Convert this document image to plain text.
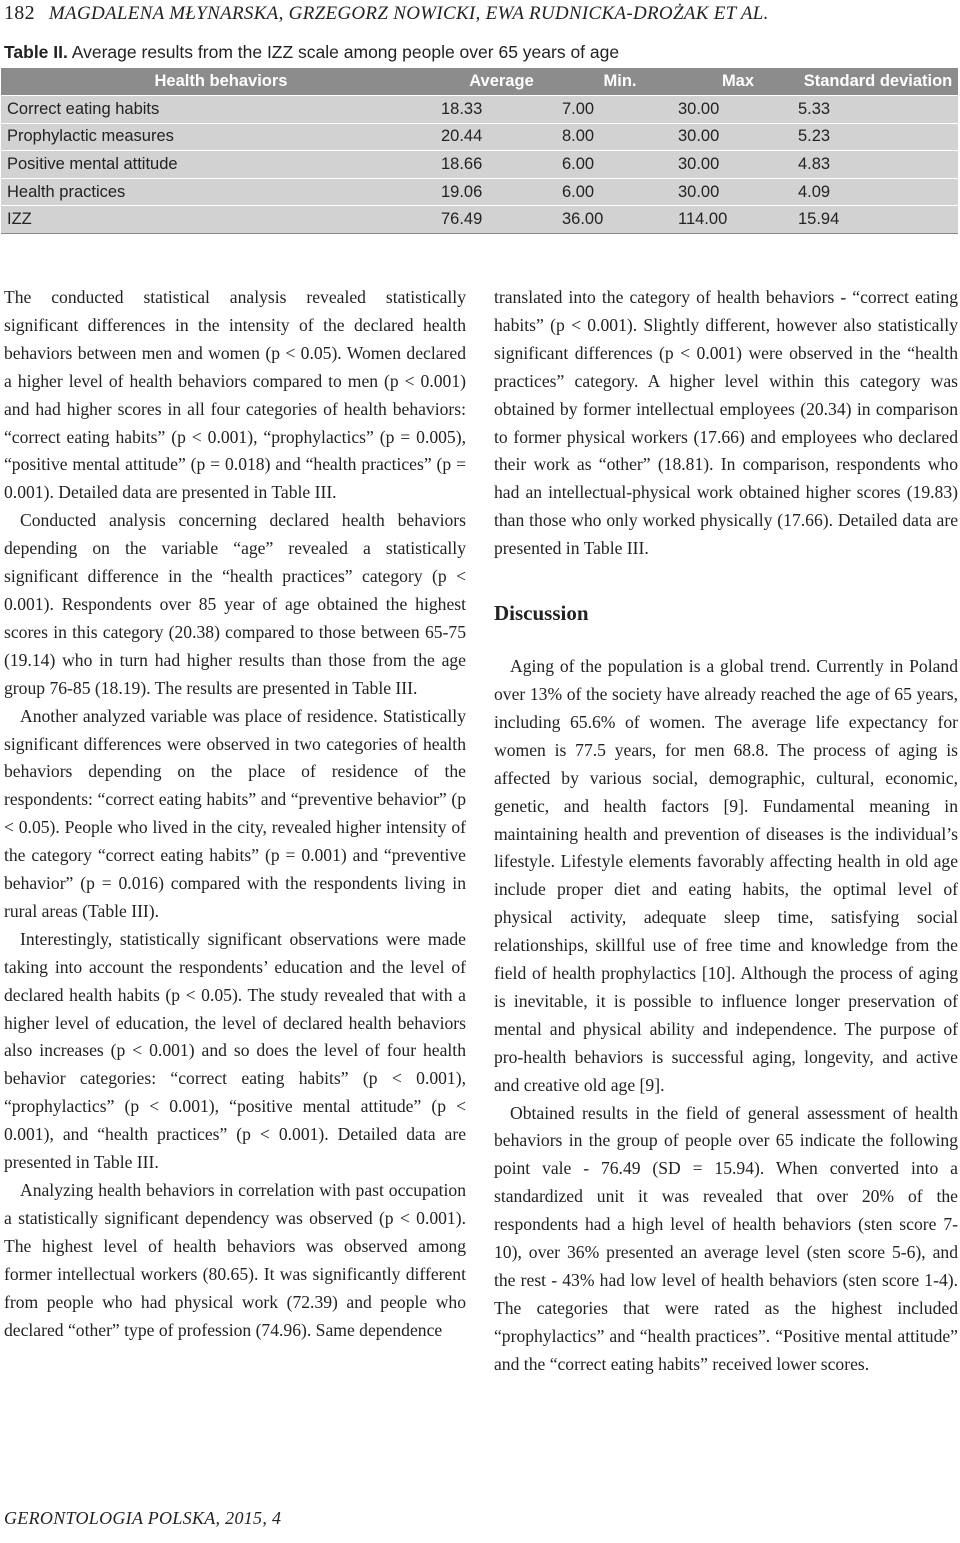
182 MAGDALENA MŁYNARSKA, GRZEGORZ NOWICKI, EWA RUDNICKA-DROŻAK ET AL.
Table II. Average results from the IZZ scale among people over 65 years of age
Health behaviors	Average	Min.	Max	Standard deviation
Correct eating habits	18.33	7.00	30.00	5.33
Prophylactic measures	20.44	8.00	30.00	5.23
Positive mental attitude	18.66	6.00	30.00	4.83
Health practices	19.06	6.00	30.00	4.09
IZZ	76.49	36.00	114.00	15.94

The conducted statistical analysis revealed statistically significant differences in the intensity of the declared health behaviors between men and women (p < 0.05). Women declared a higher level of health behaviors compared to men (p < 0.001) and had higher scores in all four categories of health behaviors: “correct eating habits” (p < 0.001), “prophylactics” (p = 0.005), “positive mental attitude” (p = 0.018) and “health practices” (p = 0.001). Detailed data are presented in Table III.

Conducted analysis concerning declared health behaviors depending on the variable “age” revealed a statistically significant difference in the “health practices” category (p < 0.001). Respondents over 85 year of age obtained the highest scores in this category (20.38) compared to those between 65-75 (19.14) who in turn had higher results than those from the age group 76-85 (18.19). The results are presented in Table III.

Another analyzed variable was place of residence. Statistically significant differences were observed in two categories of health behaviors depending on the place of residence of the respondents: “correct eating habits” and “preventive behavior” (p < 0.05). People who lived in the city, revealed higher intensity of the category “correct eating habits” (p = 0.001) and “preventive behavior” (p = 0.016) compared with the respondents living in rural areas (Table III).

Interestingly, statistically significant observations were made taking into account the respondents’ education and the level of declared health habits (p < 0.05). The study revealed that with a higher level of education, the level of declared health behaviors also increases (p < 0.001) and so does the level of four health behavior categories: “correct eating habits” (p < 0.001), “prophylactics” (p < 0.001), “positive mental attitude” (p < 0.001), and “health practices” (p < 0.001). Detailed data are presented in Table III.

Analyzing health behaviors in correlation with past occupation a statistically significant dependency was observed (p < 0.001). The highest level of health behaviors was observed among former intellectual workers (80.65). It was significantly different from people who had physical work (72.39) and people who declared “other” type of profession (74.96). Same dependence

translated into the category of health behaviors - “correct eating habits” (p < 0.001). Slightly different, however also statistically significant differences (p < 0.001) were observed in the “health practices” category. A higher level within this category was obtained by former intellectual employees (20.34) in comparison to former physical workers (17.66) and employees who declared their work as “other” (18.81). In comparison, respondents who had an intellectual-physical work obtained higher scores (19.83) than those who only worked physically (17.66). Detailed data are presented in Table III.

Discussion

Aging of the population is a global trend. Currently in Poland over 13% of the society have already reached the age of 65 years, including 65.6% of women. The average life expectancy for women is 77.5 years, for men 68.8. The process of aging is affected by various social, demographic, cultural, economic, genetic, and health factors [9]. Fundamental meaning in maintaining health and prevention of diseases is the individual’s lifestyle. Lifestyle elements favorably affecting health in old age include proper diet and eating habits, the optimal level of physical activity, adequate sleep time, satisfying social relationships, skillful use of free time and knowledge from the field of health prophylactics [10]. Although the process of aging is inevitable, it is possible to influence longer preservation of mental and physical ability and independence. The purpose of pro-health behaviors is successful aging, longevity, and active and creative old age [9].

Obtained results in the field of general assessment of health behaviors in the group of people over 65 indicate the following point vale - 76.49 (SD = 15.94). When converted into a standardized unit it was revealed that over 20% of the respondents had a high level of health behaviors (sten score 7-10), over 36% presented an average level (sten score 5-6), and the rest - 43% had low level of health behaviors (sten score 1-4). The categories that were rated as the highest included “prophylactics” and “health practices”. “Positive mental attitude” and the “correct eating habits” received lower scores.

GERONTOLOGIA POLSKA, 2015, 4
